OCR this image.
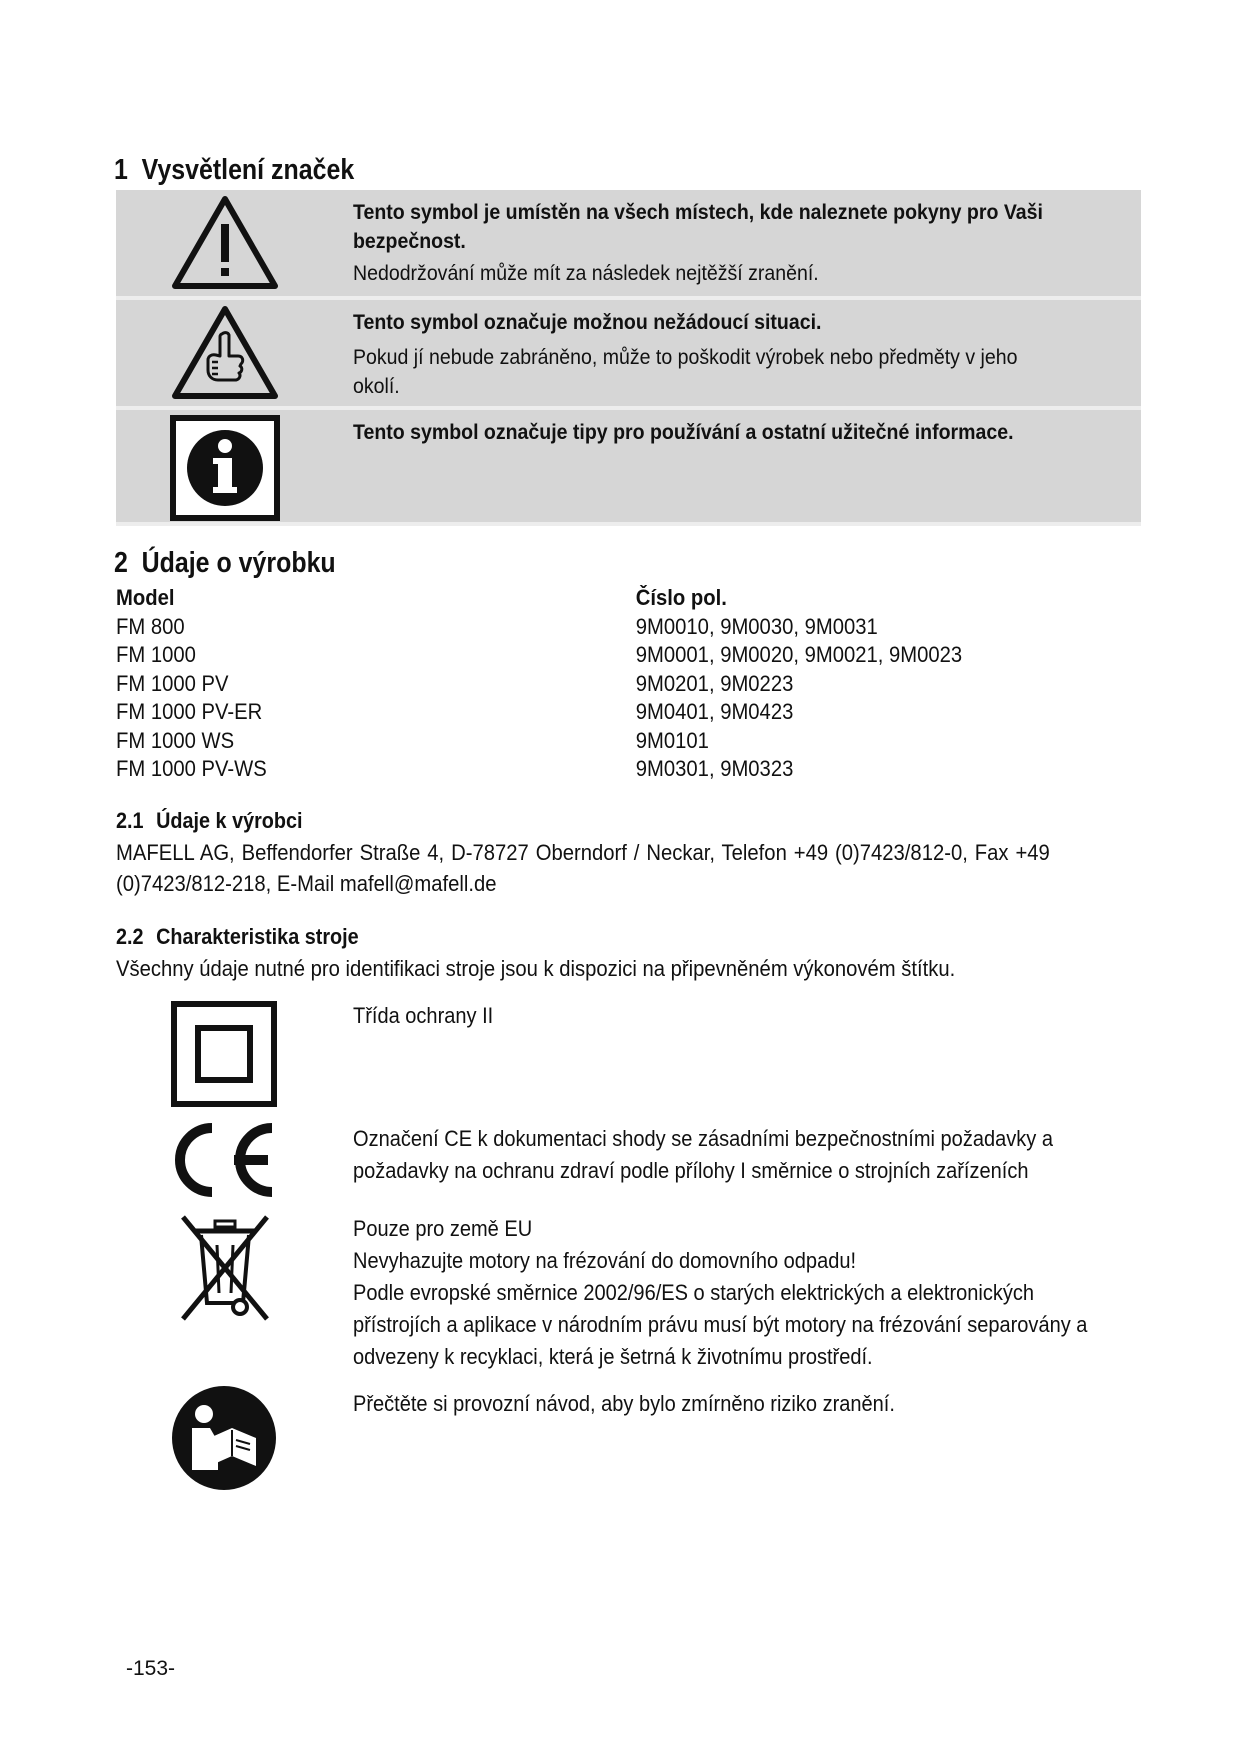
1 Vysvětlení značek
Tento symbol je umístěn na všech místech, kde naleznete pokyny pro Vaši bezpečnost.
Nedodržování může mít za následek nejtěžší zranění.
Tento symbol označuje možnou nežádoucí situaci.
Pokud jí nebude zabráněno, může to poškodit výrobek nebo předměty v jeho okolí.
Tento symbol označuje tipy pro používání a ostatní užitečné informace.
2 Údaje o výrobku
Model	Číslo pol.
FM 800	9M0010, 9M0030, 9M0031
FM 1000	9M0001, 9M0020, 9M0021, 9M0023
FM 1000 PV	9M0201, 9M0223
FM 1000 PV-ER	9M0401, 9M0423
FM 1000 WS	9M0101
FM 1000 PV-WS	9M0301, 9M0323
2.1 Údaje k výrobci
MAFELL AG, Beffendorfer Straße 4, D-78727 Oberndorf / Neckar, Telefon +49 (0)7423/812-0, Fax +49 (0)7423/812-218, E-Mail mafell@mafell.de
2.2 Charakteristika stroje
Všechny údaje nutné pro identifikaci stroje jsou k dispozici na připevněném výkonovém štítku.
Třída ochrany II
Označení CE k dokumentaci shody se zásadními bezpečnostními požadavky a požadavky na ochranu zdraví podle přílohy I směrnice o strojních zařízeních
Pouze pro země EU
Nevyhazujte motory na frézování do domovního odpadu!
Podle evropské směrnice 2002/96/ES o starých elektrických a elektronických přístrojích a aplikace v národním právu musí být motory na frézování separovány a odvezeny k recyklaci, která je šetrná k životnímu prostředí.
Přečtěte si provozní návod, aby bylo zmírněno riziko zranění.
-153-
